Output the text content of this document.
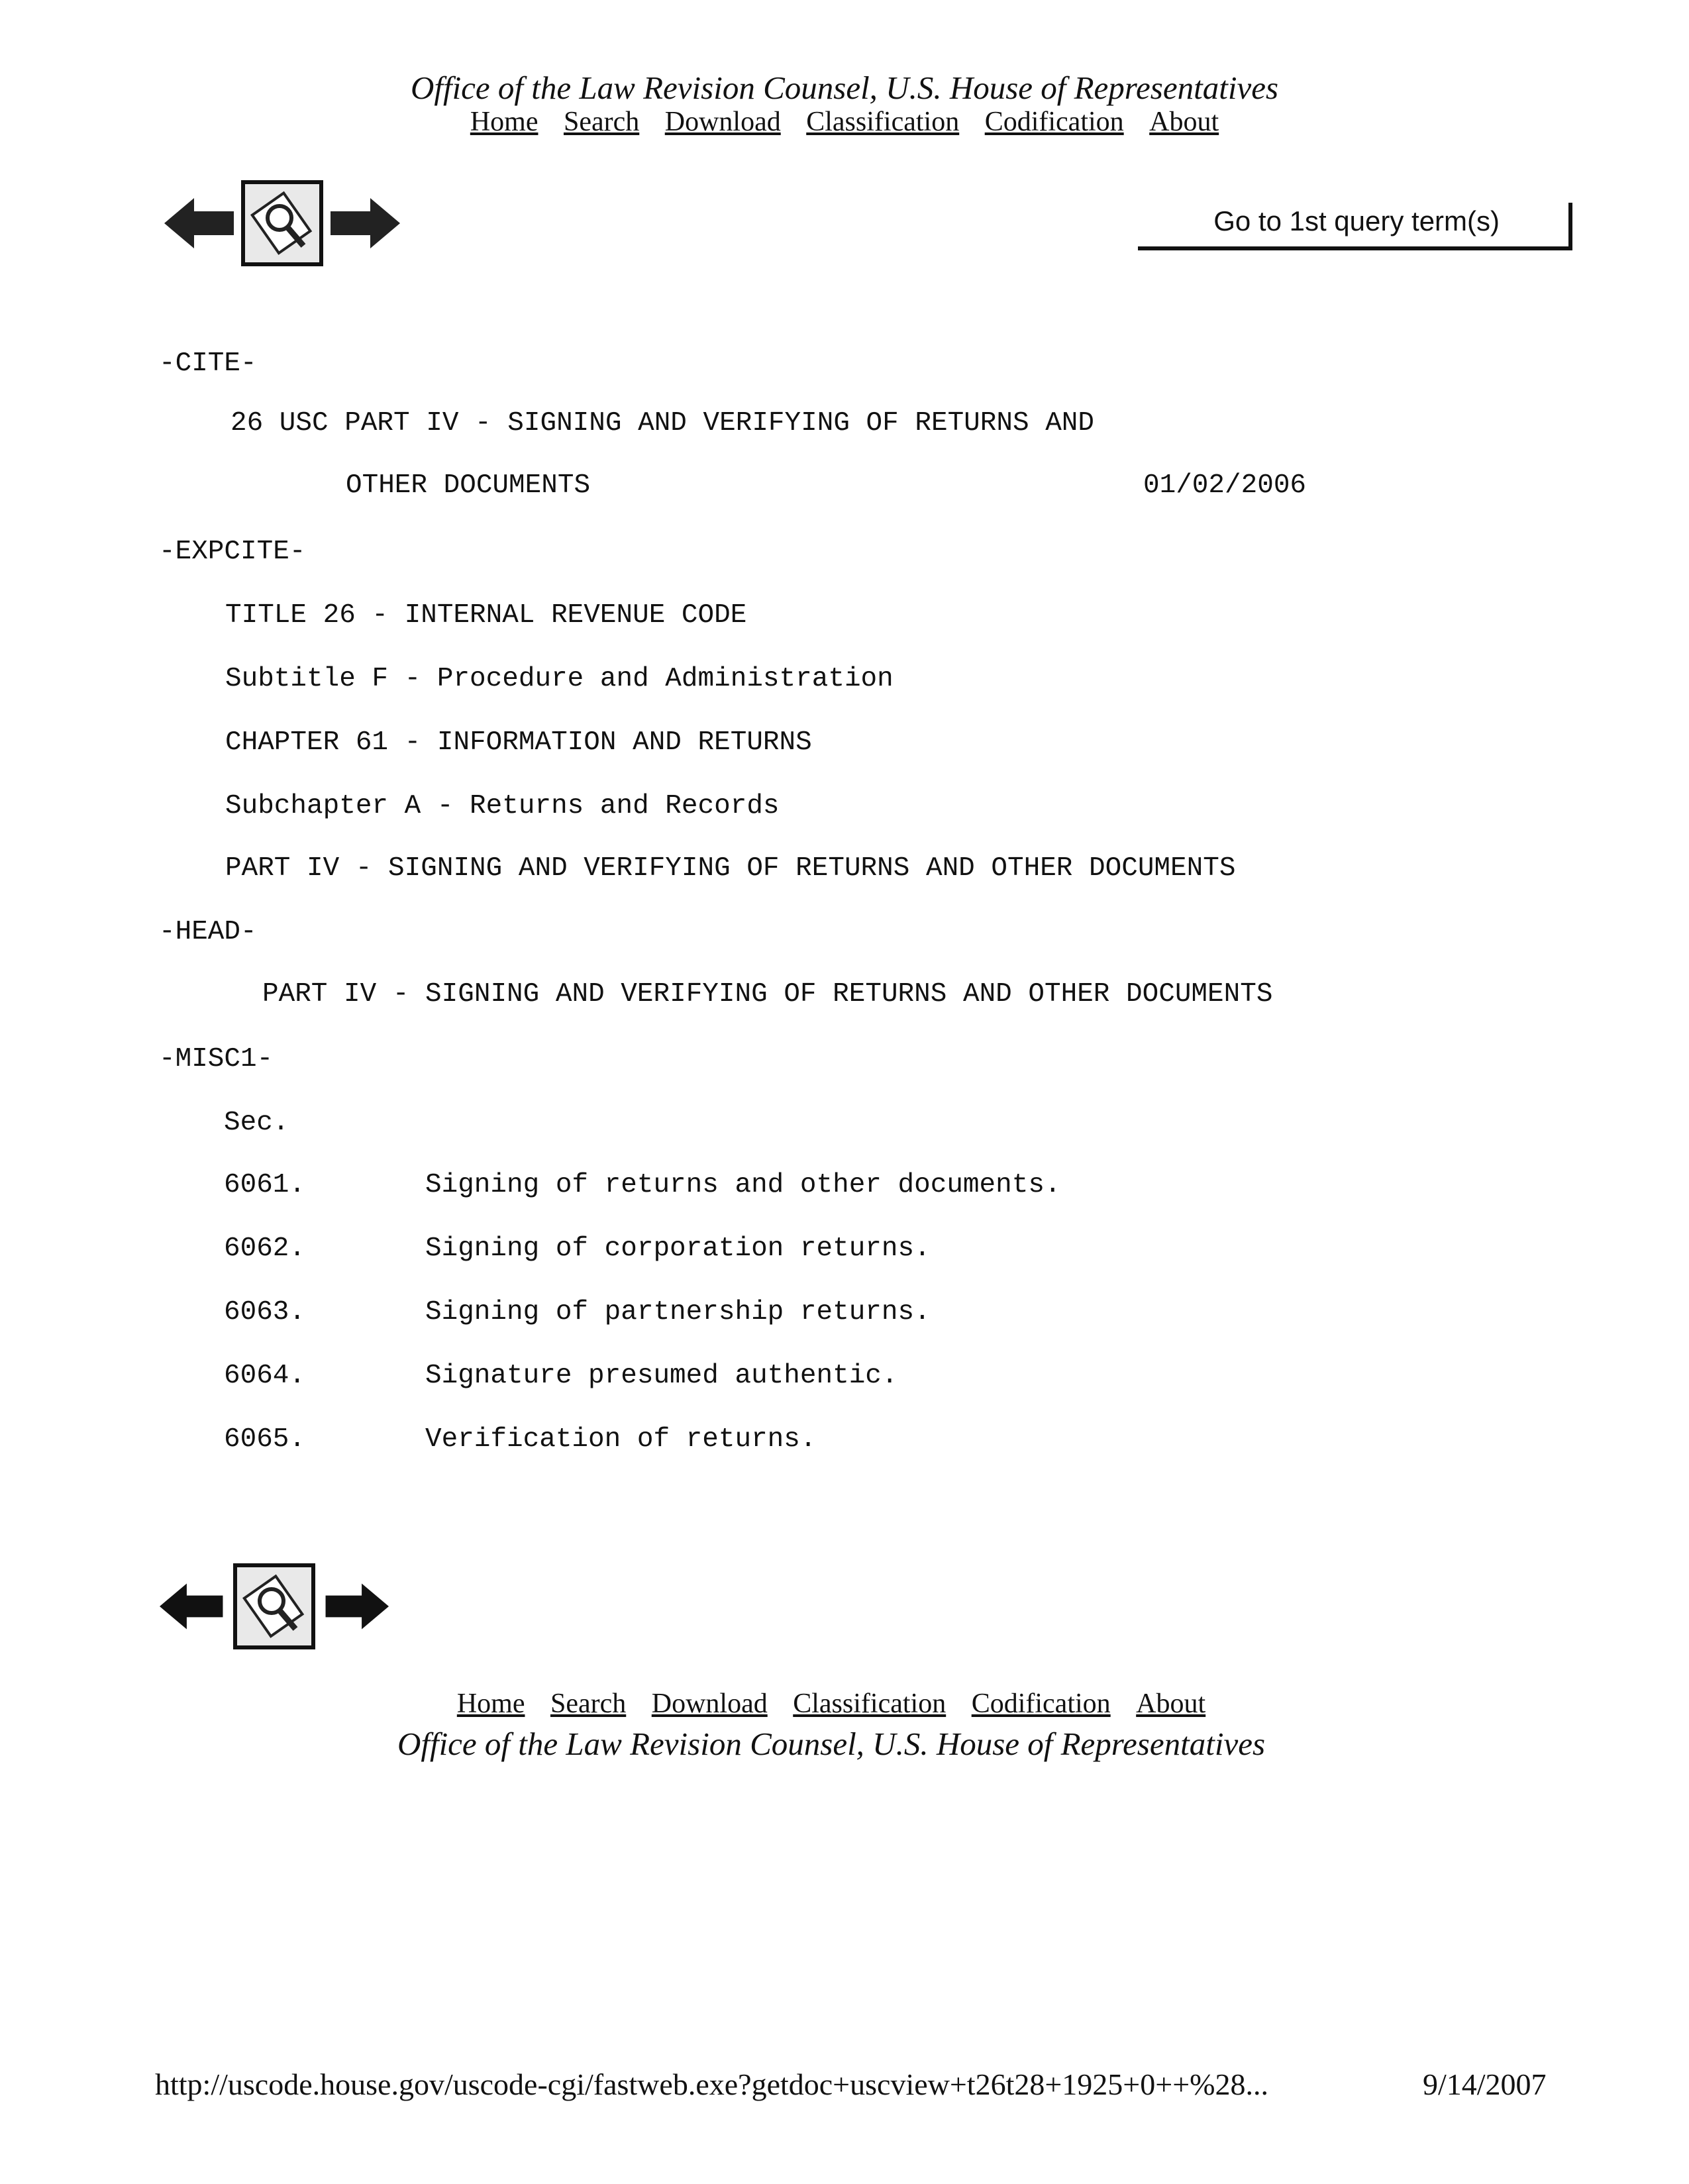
Office of the Law Revision Counsel, U.S. House of Representatives
Home Search Download Classification Codification About
Go to 1st query term(s)
-CITE-
26 USC PART IV - SIGNING AND VERIFYING OF RETURNS AND
OTHER DOCUMENTS	01/02/2006
-EXPCITE-
TITLE 26 - INTERNAL REVENUE CODE
Subtitle F - Procedure and Administration
CHAPTER 61 - INFORMATION AND RETURNS
Subchapter A - Returns and Records
PART IV - SIGNING AND VERIFYING OF RETURNS AND OTHER DOCUMENTS
-HEAD-
PART IV - SIGNING AND VERIFYING OF RETURNS AND OTHER DOCUMENTS
-MISC1-
Sec.
6061.	Signing of returns and other documents.
6062.	Signing of corporation returns.
6063.	Signing of partnership returns.
6064.	Signature presumed authentic.
6065.	Verification of returns.
Home Search Download Classification Codification About
Office of the Law Revision Counsel, U.S. House of Representatives
http://uscode.house.gov/uscode-cgi/fastweb.exe?getdoc+uscview+t26t28+1925+0++%28...	9/14/2007
